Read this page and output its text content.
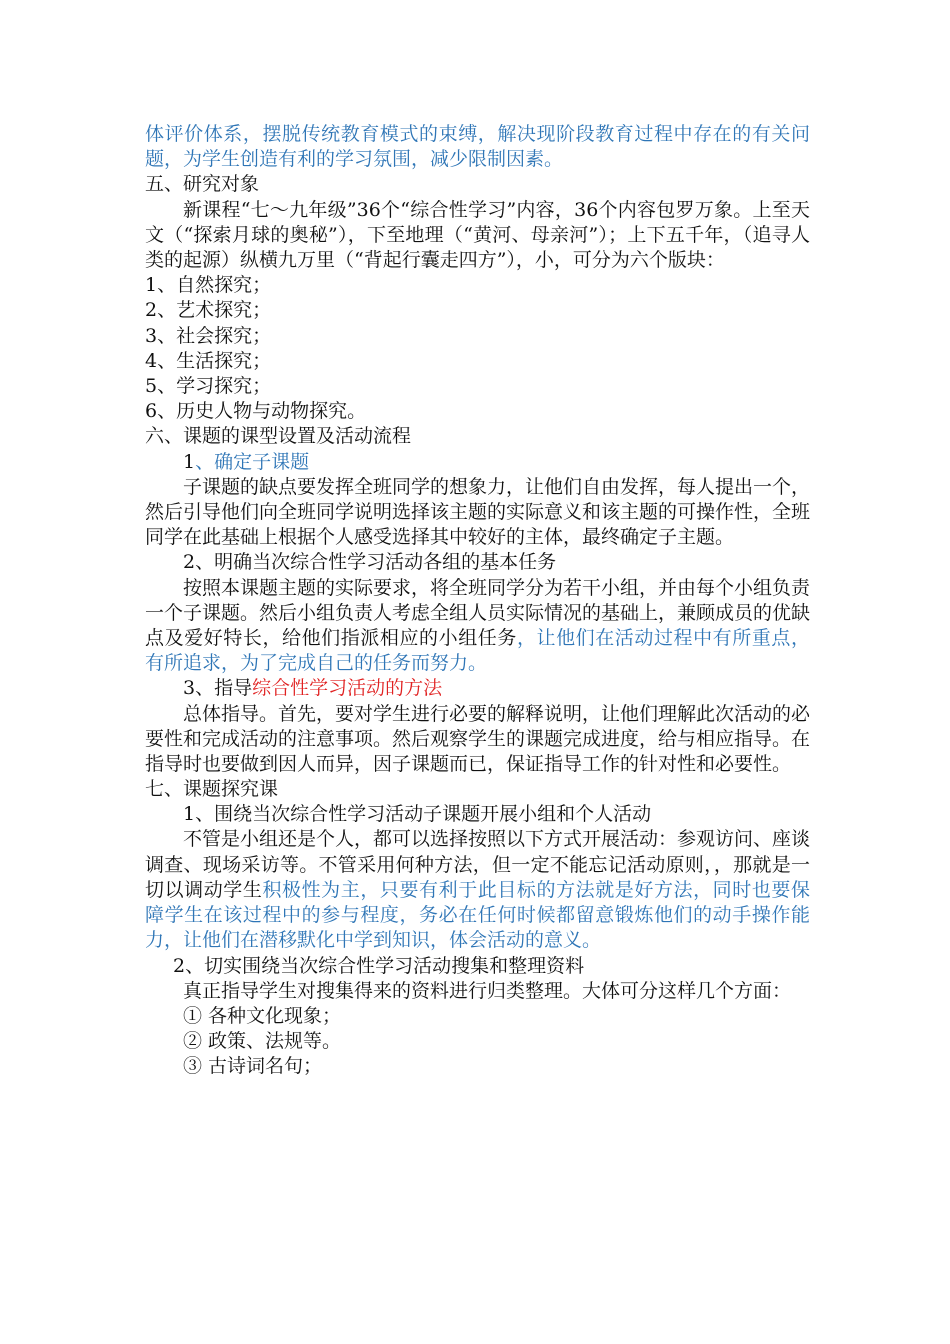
体评价体系，摆脱传统教育模式的束缚，解决现阶段教育过程中存在的有关问题，为学生创造有利的学习氛围，减少限制因素。
五、研究对象
新课程“七～九年级”36个“综合性学习”内容，36个内容包罗万象。上至天文（“探索月球的奥秘”），下至地理（“黄河、母亲河”）；上下五千年，（追寻人类的起源）纵横九万里（“背起行囊走四方”），小，可分为六个版块：
1、自然探究；
2、艺术探究；
3、社会探究；
4、生活探究；
5、学习探究；
6、历史人物与动物探究。
六、课题的课型设置及活动流程
1、确定子课题
子课题的缺点要发挥全班同学的想象力，让他们自由发挥，每人提出一个，然后引导他们向全班同学说明选择该主题的实际意义和该主题的可操作性，全班同学在此基础上根据个人感受选择其中较好的主体，最终确定子主题。
2、明确当次综合性学习活动各组的基本任务
按照本课题主题的实际要求，将全班同学分为若干小组，并由每个小组负责一个子课题。然后小组负责人考虑全组人员实际情况的基础上，兼顾成员的优缺点及爱好特长，给他们指派相应的小组任务，让他们在活动过程中有所重点，有所追求，为了完成自己的任务而努力。
3、指导综合性学习活动的方法
总体指导。首先，要对学生进行必要的解释说明，让他们理解此次活动的必要性和完成活动的注意事项。然后观察学生的课题完成进度，给与相应指导。在指导时也要做到因人而异，因子课题而已，保证指导工作的针对性和必要性。
七、课题探究课
1、围绕当次综合性学习活动子课题开展小组和个人活动
不管是小组还是个人，都可以选择按照以下方式开展活动：参观访问、座谈调查、现场采访等。不管采用何种方法，但一定不能忘记活动原则，，那就是一切以调动学生积极性为主，只要有利于此目标的方法就是好方法，同时也要保障学生在该过程中的参与程度，务必在任何时候都留意锻炼他们的动手操作能力，让他们在潜移默化中学到知识，体会活动的意义。
2、切实围绕当次综合性学习活动搜集和整理资料
真正指导学生对搜集得来的资料进行归类整理。大体可分这样几个方面：
① 各种文化现象；
② 政策、法规等。
③ 古诗词名句；
